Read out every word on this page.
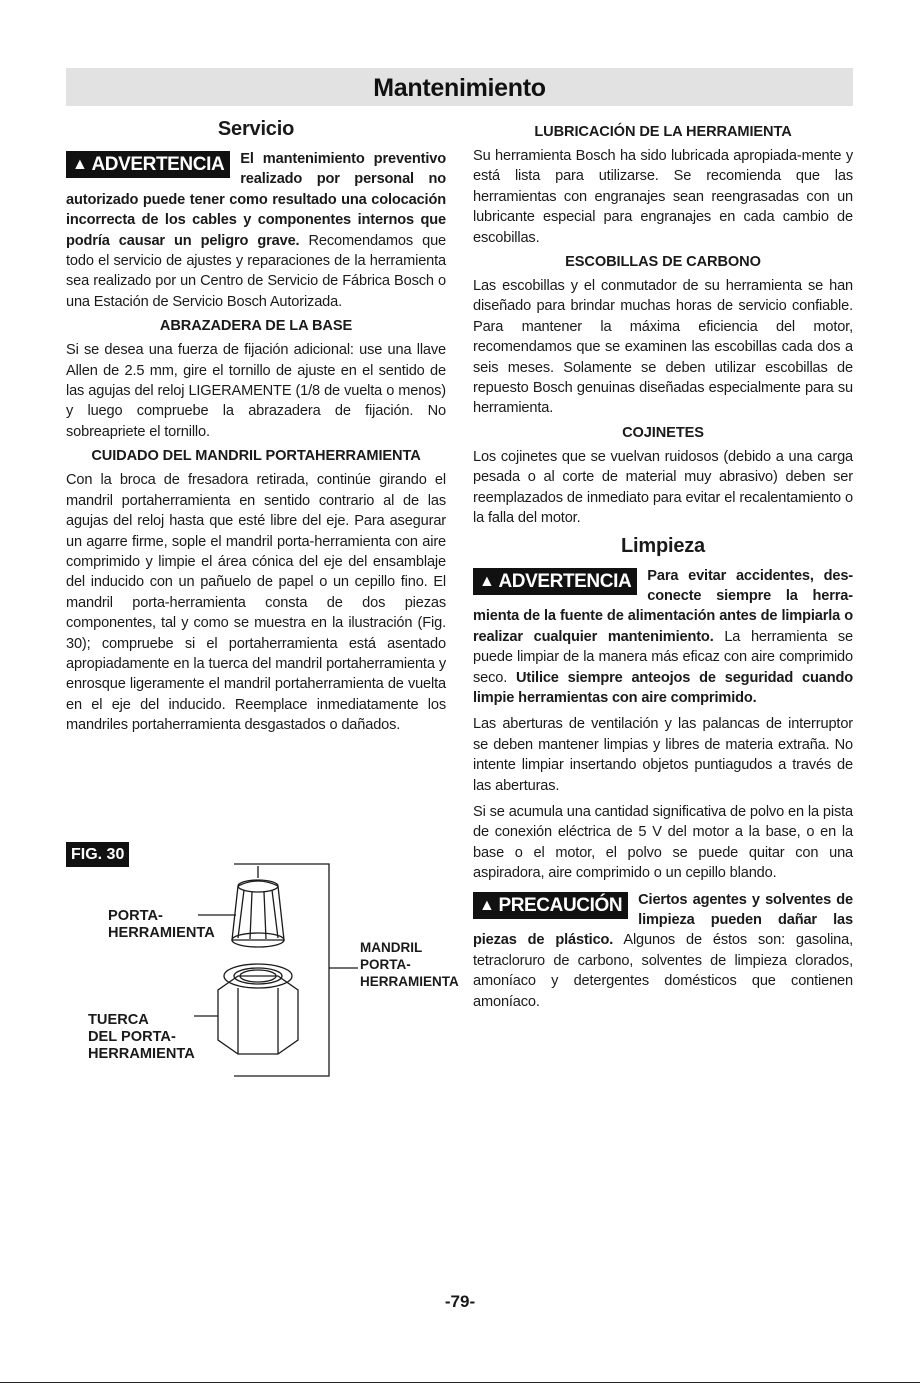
Mantenimiento
Servicio

▲ ADVERTENCIA	El mantenimiento preventivo realizado por personal no autorizado puede tener como resultado una colocación incorrecta de los cables y componentes internos que podría causar un peligro grave. Recomendamos que todo el servicio de ajustes y reparaciones de la herramienta sea realizado por un Centro de Servicio de Fábrica Bosch o una Estación de Servicio Bosch Autorizada.

ABRAZADERA DE LA BASE

Si se desea una fuerza de fijación adicional: use una llave Allen de 2.5 mm, gire el tornillo de ajuste en el sentido de las agujas del reloj LIGERAMENTE (1/8 de vuelta o menos) y luego compruebe la abrazadera de fijación. No sobreapriete el tornillo.

CUIDADO DEL MANDRIL PORTAHERRAMIENTA

Con la broca de fresadora retirada, continúe girando el mandril portaherramienta en sentido contrario al de las agujas del reloj hasta que esté libre del eje. Para asegurar un agarre firme, sople el mandril porta-herramienta con aire comprimido y limpie el área cónica del eje del ensamblaje del inducido con un pañuelo de papel o un cepillo fino. El mandril porta-herramienta consta de dos piezas componentes, tal y como se muestra en la ilustración (Fig. 30); compruebe si el portaherramienta está asentado apropiadamente en la tuerca del mandril portaherramienta y enrosque ligeramente el mandril portaherramienta de vuelta en el eje del inducido. Reemplace inmediatamente los mandriles portaherramienta desgastados o dañados.

FIG. 30
PORTA-
HERRAMIENTA
TUERCA
DEL PORTA-
HERRAMIENTA
MANDRIL
PORTA-
HERRAMIENTA
LUBRICACIÓN DE LA HERRAMIENTA

Su herramienta Bosch ha sido lubricada apropiada-mente y está lista para utilizarse. Se recomienda que las herramientas con engranajes sean reengrasadas con un lubricante especial para engranajes en cada cambio de escobillas.

ESCOBILLAS DE CARBONO

Las escobillas y el conmutador de su herramienta se han diseñado para brindar muchas horas de servicio confiable. Para mantener la máxima eficiencia del motor, recomendamos que se examinen las escobillas cada dos a seis meses. Solamente se deben utilizar escobillas de repuesto Bosch genuinas diseñadas especialmente para su herramienta.

COJINETES

Los cojinetes que se vuelvan ruidosos (debido a una carga pesada o al corte de material muy abrasivo) deben ser reemplazados de inmediato para evitar el recalentamiento o la falla del motor.

Limpieza

▲ ADVERTENCIA	Para evitar accidentes, des-conecte siempre la herra-mienta de la fuente de alimentación antes de limpiarla o realizar cualquier mantenimiento. La herramienta se puede limpiar de la manera más eficaz con aire comprimido seco. Utilice siempre anteojos de seguridad cuando limpie herramientas con aire comprimido.

Las aberturas de ventilación y las palancas de interruptor se deben mantener limpias y libres de materia extraña. No intente limpiar insertando objetos puntiagudos a través de las aberturas.

Si se acumula una cantidad significativa de polvo en la pista de conexión eléctrica de 5 V del motor a la base, o en la base o el motor, el polvo se puede quitar con una aspiradora, aire comprimido o un cepillo blando.

▲ PRECAUCIÓN	Ciertos agentes y solventes de limpieza pueden dañar las piezas de plástico. Algunos de éstos son: gasolina, tetracloruro de carbono, solventes de limpieza clorados, amoníaco y detergentes domésticos que contienen amoníaco.

-79-
